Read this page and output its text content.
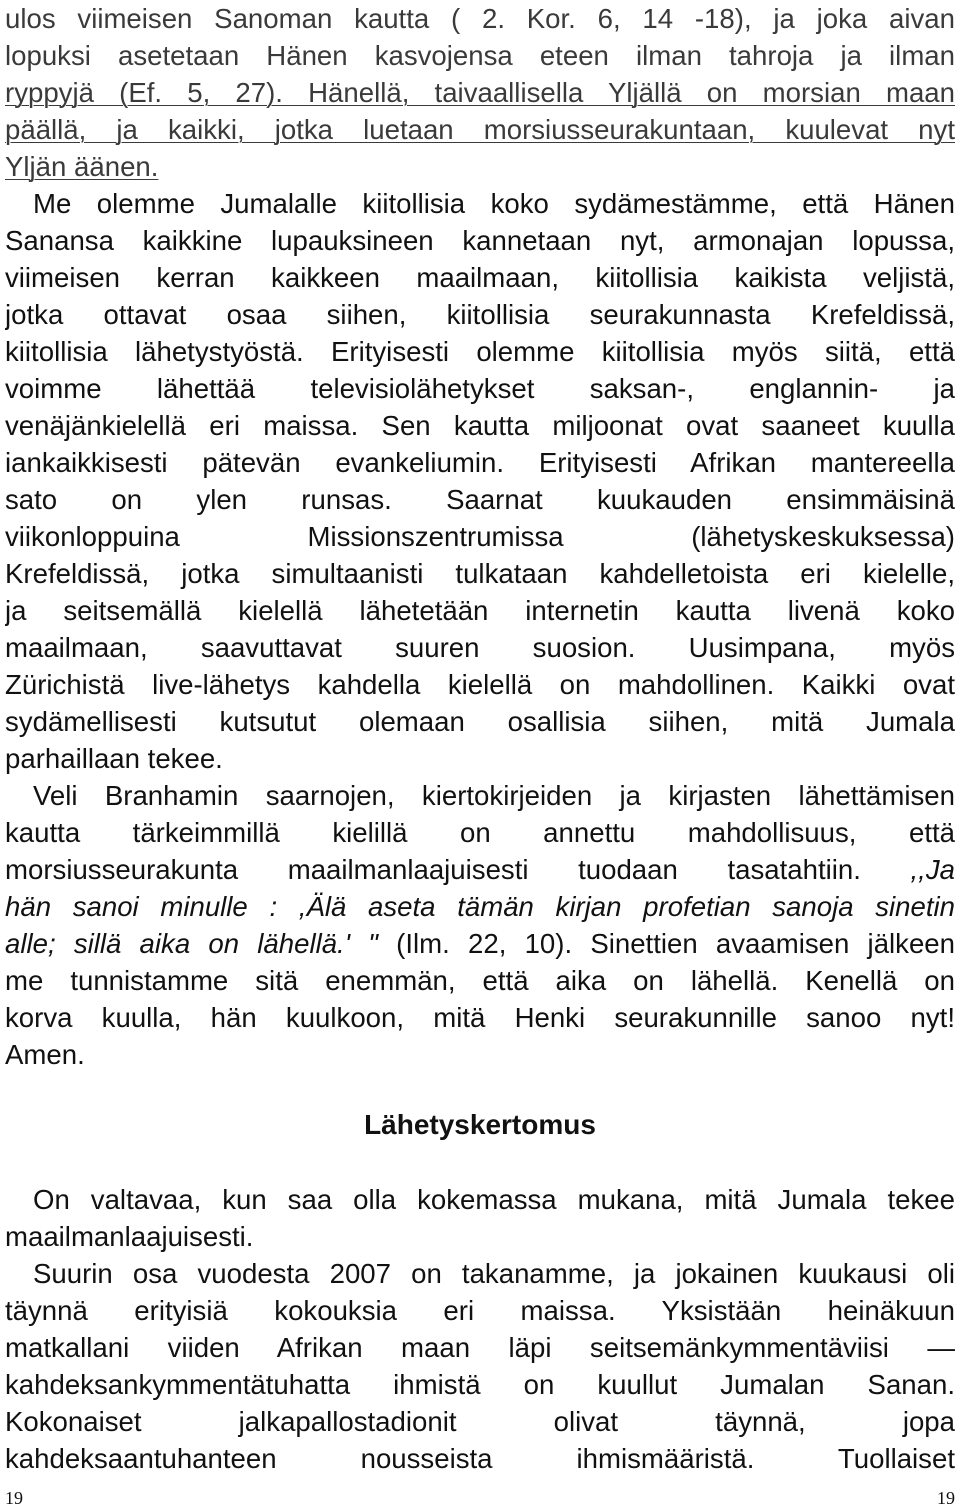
ulos viimeisen Sanoman kautta ( 2. Kor. 6, 14 -18), ja joka aivan
lopuksi asetetaan Hänen kasvojensa eteen ilman tahroja ja ilman
ryppyjä (Ef. 5, 27). Hänellä, taivaallisella Yljällä on morsian maan
päällä, ja kaikki, jotka luetaan morsiusseurakuntaan, kuulevat nyt
Yljän äänen.
Me olemme Jumalalle kiitollisia koko sydämestämme, että Hänen
Sanansa kaikkine lupauksineen kannetaan nyt, armonajan lopussa,
viimeisen kerran kaikkeen maailmaan, kiitollisia kaikista veljistä,
jotka ottavat osaa siihen, kiitollisia seurakunnasta Krefeldissä,
kiitollisia lähetystyöstä. Erityisesti olemme kiitollisia myös siitä, että
voimme lähettää televisiolähetykset saksan-, englannin- ja
venäjänkielellä eri maissa. Sen kautta miljoonat ovat saaneet kuulla
iankaikkisesti pätevän evankeliumin. Erityisesti Afrikan mantereella
sato on ylen runsas. Saarnat kuukauden ensimmäisinä
viikonloppuina Missionszentrumissa (lähetyskeskuksessa)
Krefeldissä, jotka simultaanisti tulkataan kahdelletoista eri kielelle,
ja seitsemällä kielellä lähetetään internetin kautta livenä koko
maailmaan, saavuttavat suuren suosion. Uusimpana, myös
Zürichistä live-lähetys kahdella kielellä on mahdollinen. Kaikki ovat
sydämellisesti kutsutut olemaan osallisia siihen, mitä Jumala
parhaillaan tekee.
Veli Branhamin saarnojen, kiertokirjeiden ja kirjasten lähettämisen
kautta tärkeimmillä kielillä on annettu mahdollisuus, että
morsiusseurakunta maailmanlaajuisesti tuodaan tasatahtiin. ,,Ja
hän sanoi minulle : ,Älä aseta tämän kirjan profetian sanoja sinetin
alle; sillä aika on lähellä.' " (Ilm. 22, 10). Sinettien avaamisen jälkeen
me tunnistamme sitä enemmän, että aika on lähellä. Kenellä on
korva kuulla, hän kuulkoon, mitä Henki seurakunnille sanoo nyt!
Amen.
Lähetyskertomus
On valtavaa, kun saa olla kokemassa mukana, mitä Jumala tekee
maailmanlaajuisesti.
Suurin osa vuodesta 2007 on takanamme, ja jokainen kuukausi oli
täynnä erityisiä kokouksia eri maissa. Yksistään heinäkuun
matkallani viiden Afrikan maan läpi seitsemänkymmentäviisi —
kahdeksankymmentätuhatta ihmistä on kuullut Jumalan Sanan.
Kokonaiset jalkapallostadionit olivat täynnä, jopa
kahdeksaantuhanteen nousseista ihmismääristä. Tuollaiset
19	19
